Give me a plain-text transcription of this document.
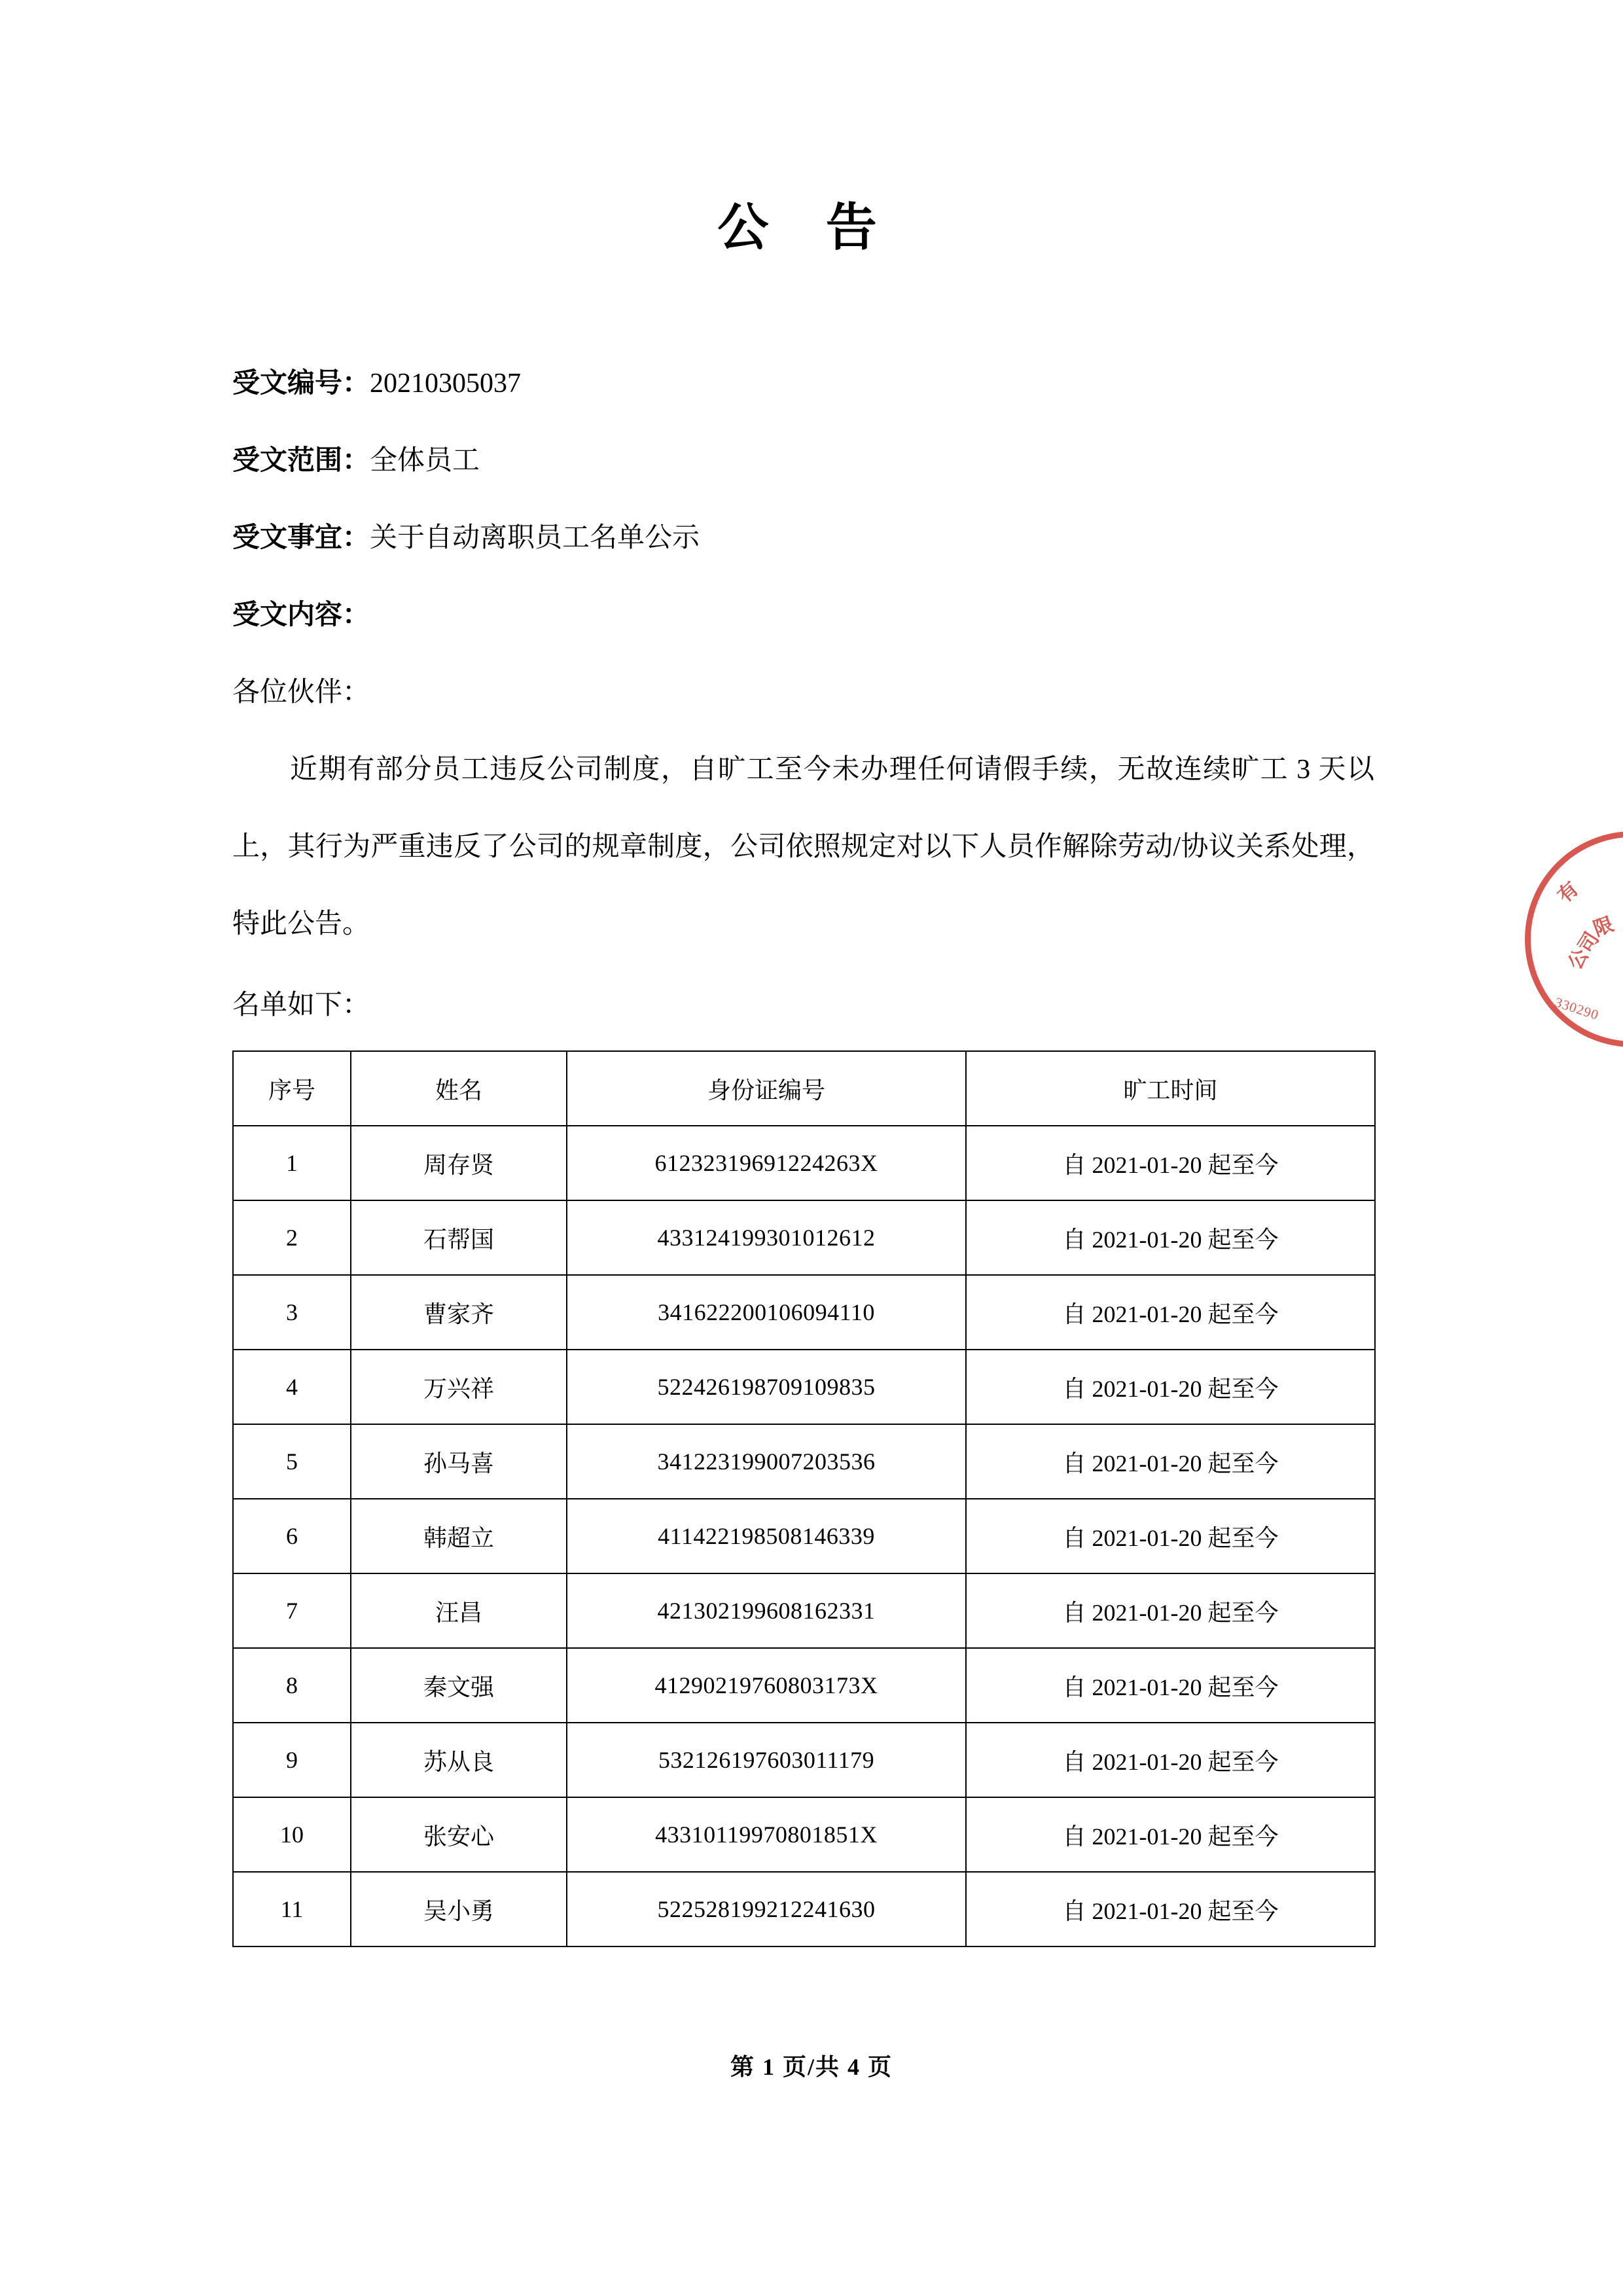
公 告

受文编号：20210305037

受文范围：全体员工

受文事宜：关于自动离职员工名单公示

受文内容：

各位伙伴：

近期有部分员工违反公司制度，自旷工至今未办理任何请假手续，无故连续旷工 3 天以上，其行为严重违反了公司的规章制度，公司依照规定对以下人员作解除劳动/协议关系处理，特此公告。

名单如下：

序号	姓名	身份证编号	旷工时间
1	周存贤	61232319691224263X	自 2021-01-20 起至今
2	石帮国	433124199301012612	自 2021-01-20 起至今
3	曹家齐	341622200106094110	自 2021-01-20 起至今
4	万兴祥	522426198709109835	自 2021-01-20 起至今
5	孙马喜	341223199007203536	自 2021-01-20 起至今
6	韩超立	411422198508146339	自 2021-01-20 起至今
7	汪昌	421302199608162331	自 2021-01-20 起至今
8	秦文强	41290219760803173X	自 2021-01-20 起至今
9	苏从良	532126197603011179	自 2021-01-20 起至今
10	张安心	43310119970801851X	自 2021-01-20 起至今
11	吴小勇	522528199212241630	自 2021-01-20 起至今
第 1 页/共 4 页
有
限
公司
330290
